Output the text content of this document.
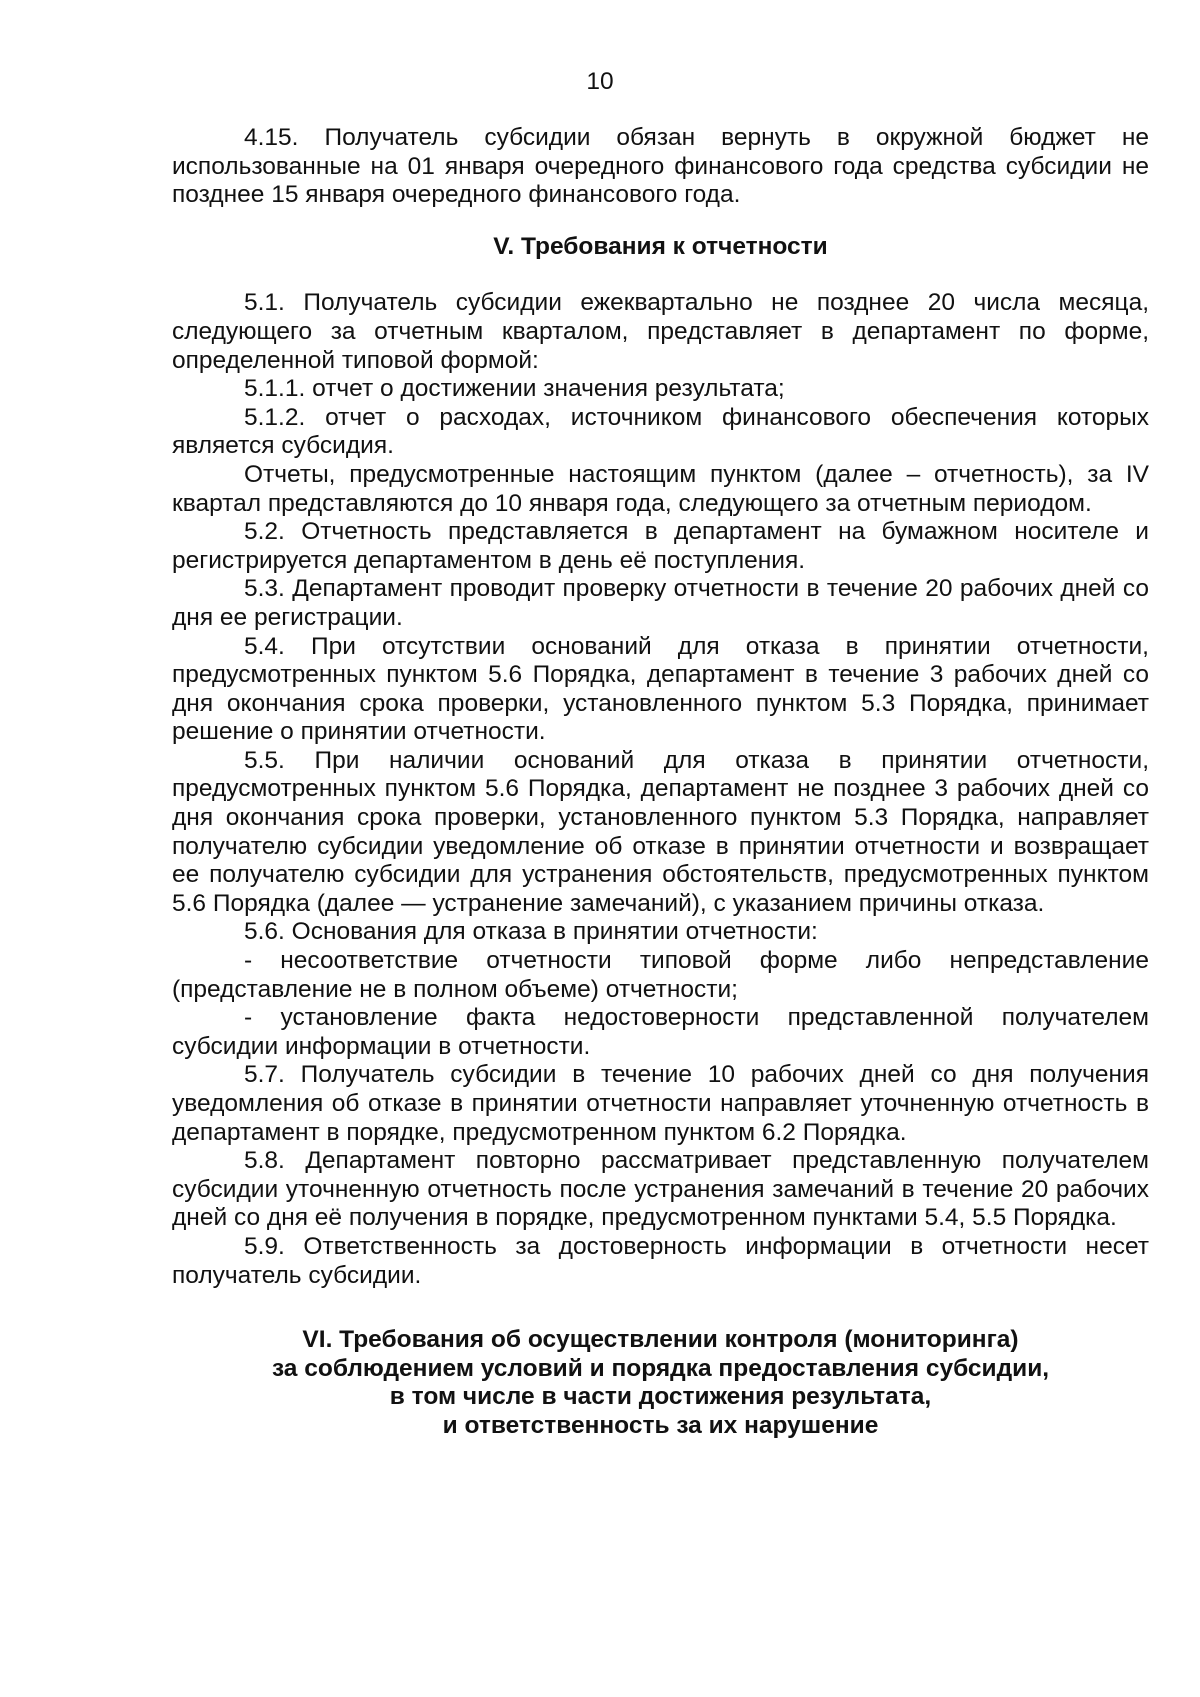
10

4.15. Получатель субсидии обязан вернуть в окружной бюджет не использованные на 01 января очередного финансового года средства субсидии не позднее 15 января очередного финансового года.

V. Требования к отчетности

5.1. Получатель субсидии ежеквартально не позднее 20 числа месяца, следующего за отчетным кварталом, представляет в департамент по форме, определенной типовой формой:

5.1.1. отчет о достижении значения результата;

5.1.2. отчет о расходах, источником финансового обеспечения которых является субсидия.

Отчеты, предусмотренные настоящим пунктом (далее – отчетность), за IV квартал представляются до 10 января года, следующего за отчетным периодом.

5.2. Отчетность представляется в департамент на бумажном носителе и регистрируется департаментом в день её поступления.

5.3. Департамент проводит проверку отчетности в течение 20 рабочих дней со дня ее регистрации.

5.4. При отсутствии оснований для отказа в принятии отчетности, предусмотренных пунктом 5.6 Порядка, департамент в течение 3 рабочих дней со дня окончания срока проверки, установленного пунктом 5.3 Порядка, принимает решение о принятии отчетности.

5.5. При наличии оснований для отказа в принятии отчетности, предусмотренных пунктом 5.6 Порядка, департамент не позднее 3 рабочих дней со дня окончания срока проверки, установленного пунктом 5.3 Порядка, направляет получателю субсидии уведомление об отказе в принятии отчетности и возвращает ее получателю субсидии для устранения обстоятельств, предусмотренных пунктом 5.6 Порядка (далее — устранение замечаний), с указанием причины отказа.

5.6. Основания для отказа в принятии отчетности:

- несоответствие отчетности типовой форме либо непредставление (представление не в полном объеме) отчетности;

- установление факта недостоверности представленной получателем субсидии информации в отчетности.

5.7. Получатель субсидии в течение 10 рабочих дней со дня получения уведомления об отказе в принятии отчетности направляет уточненную отчетность в департамент в порядке, предусмотренном пунктом 6.2 Порядка.

5.8. Департамент повторно рассматривает представленную получателем субсидии уточненную отчетность после устранения замечаний в течение 20 рабочих дней со дня её получения в порядке, предусмотренном пунктами 5.4, 5.5 Порядка.

5.9. Ответственность за достоверность информации в отчетности несет получатель субсидии.

VI. Требования об осуществлении контроля (мониторинга)
за соблюдением условий и порядка предоставления субсидии,
в том числе в части достижения результата,
и ответственность за их нарушение
